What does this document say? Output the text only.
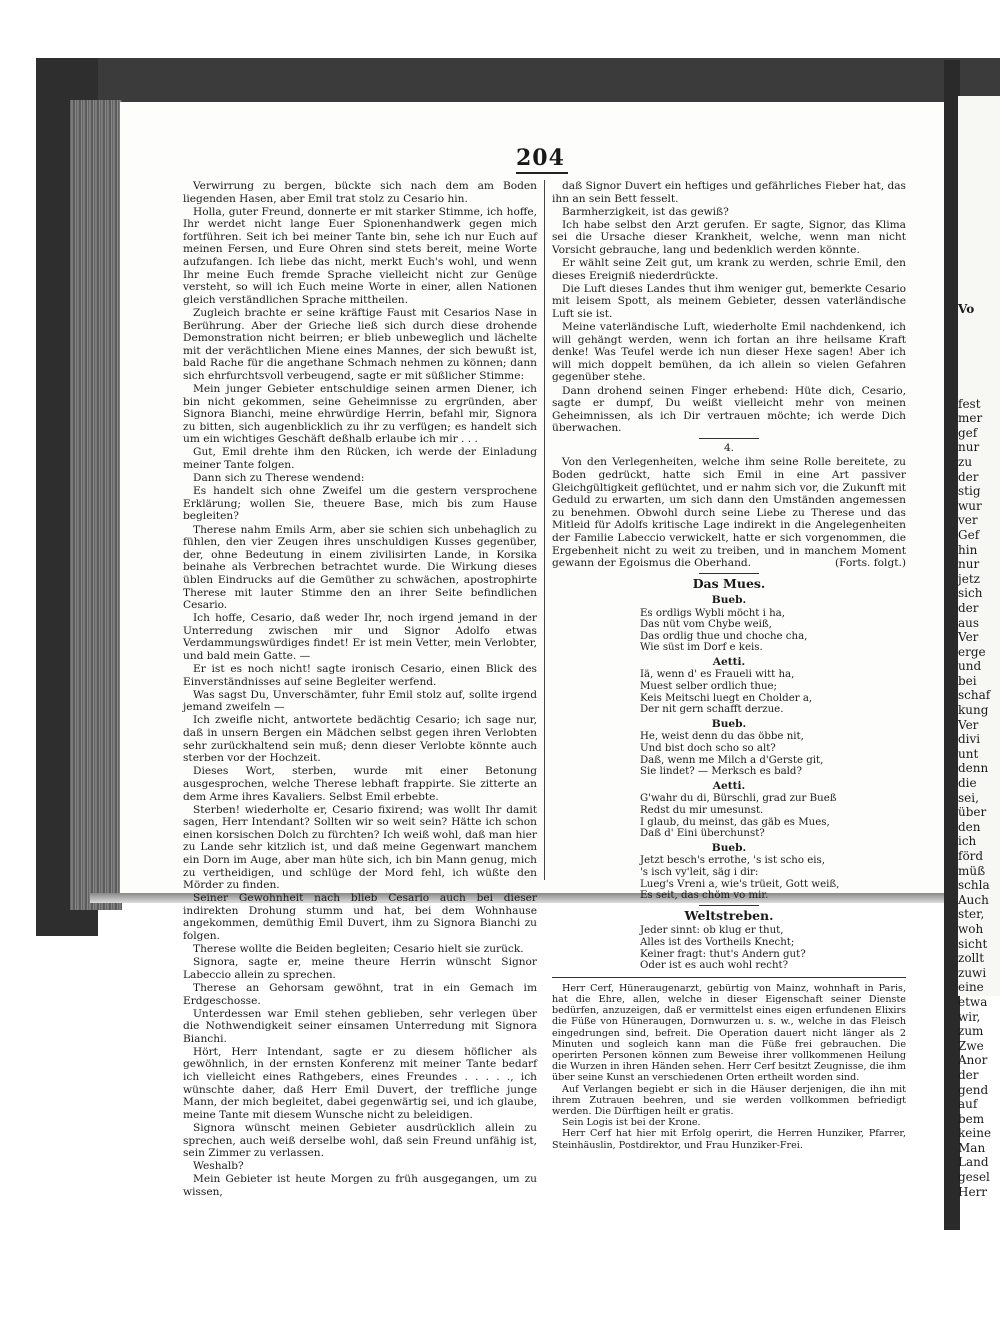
Vo
fest
mer
gef
nur
zu
der
stig
wur
ver
Gef
hin
nur
jetz
sich
der
aus
Ver
erge
und
bei
schaf
kung
Ver
divi
unt
denn
die
sei,
über
den
ich
förd
müß
schla
Auch
ster,
woh
sicht
zollt
zuwi
eine
etwa
wir,
zum
Zwe
Anor
der
gend
auf
bem
keine
Man
Land
gesel
Herr
204

Verwirrung zu bergen, bückte sich nach dem am Boden liegenden Hasen, aber Emil trat stolz zu Cesario hin.

Holla, guter Freund, donnerte er mit starker Stimme, ich hoffe, Ihr werdet nicht lange Euer Spionenhandwerk gegen mich fortführen. Seit ich bei meiner Tante bin, sehe ich nur Euch auf meinen Fersen, und Eure Ohren sind stets bereit, meine Worte aufzufangen. Ich liebe das nicht, merkt Euch's wohl, und wenn Ihr meine Euch fremde Sprache vielleicht nicht zur Genüge versteht, so will ich Euch meine Worte in einer, allen Nationen gleich verständlichen Sprache mittheilen.

Zugleich brachte er seine kräftige Faust mit Cesarios Nase in Berührung. Aber der Grieche ließ sich durch diese drohende Demonstration nicht beirren; er blieb unbeweglich und lächelte mit der verächtlichen Miene eines Mannes, der sich bewußt ist, bald Rache für die angethane Schmach nehmen zu können; dann sich ehrfurchtsvoll verbeugend, sagte er mit süßlicher Stimme:

Mein junger Gebieter entschuldige seinen armen Diener, ich bin nicht gekommen, seine Geheimnisse zu ergründen, aber Signora Bianchi, meine ehrwürdige Herrin, befahl mir, Signora zu bitten, sich augenblicklich zu ihr zu verfügen; es handelt sich um ein wichtiges Geschäft deßhalb erlaube ich mir . . .

Gut, Emil drehte ihm den Rücken, ich werde der Einladung meiner Tante folgen.

Dann sich zu Therese wendend:

Es handelt sich ohne Zweifel um die gestern versprochene Erklärung; wollen Sie, theuere Base, mich bis zum Hause begleiten?

Therese nahm Emils Arm, aber sie schien sich unbehaglich zu fühlen, den vier Zeugen ihres unschuldigen Kusses gegenüber, der, ohne Bedeutung in einem zivilisirten Lande, in Korsika beinahe als Verbrechen betrachtet wurde. Die Wirkung dieses üblen Eindrucks auf die Gemüther zu schwächen, apostrophirte Therese mit lauter Stimme den an ihrer Seite befindlichen Cesario.

Ich hoffe, Cesario, daß weder Ihr, noch irgend jemand in der Unterredung zwischen mir und Signor Adolfo etwas Verdammungswürdiges findet! Er ist mein Vetter, mein Verlobter, und bald mein Gatte. —

Er ist es noch nicht! sagte ironisch Cesario, einen Blick des Einverständnisses auf seine Begleiter werfend.

Was sagst Du, Unverschämter, fuhr Emil stolz auf, sollte irgend jemand zweifeln —

Ich zweifle nicht, antwortete bedächtig Cesario; ich sage nur, daß in unsern Bergen ein Mädchen selbst gegen ihren Verlobten sehr zurückhaltend sein muß; denn dieser Verlobte könnte auch sterben vor der Hochzeit.

Dieses Wort, sterben, wurde mit einer Betonung ausgesprochen, welche Therese lebhaft frappirte. Sie zitterte an dem Arme ihres Kavaliers. Selbst Emil erbebte.

Sterben! wiederholte er, Cesario fixirend; was wollt Ihr damit sagen, Herr Intendant? Sollten wir so weit sein? Hätte ich schon einen korsischen Dolch zu fürchten? Ich weiß wohl, daß man hier zu Lande sehr kitzlich ist, und daß meine Gegenwart manchem ein Dorn im Auge, aber man hüte sich, ich bin Mann genug, mich zu vertheidigen, und schlüge der Mord fehl, ich wüßte den Mörder zu finden.

Seiner Gewohnheit nach blieb Cesario auch bei dieser indirekten Drohung stumm und hat, bei dem Wohnhause angekommen, demüthig Emil Duvert, ihm zu Signora Bianchi zu folgen.

Therese wollte die Beiden begleiten; Cesario hielt sie zurück.

Signora, sagte er, meine theure Herrin wünscht Signor Labeccio allein zu sprechen.

Therese an Gehorsam gewöhnt, trat in ein Gemach im Erdgeschosse.

Unterdessen war Emil stehen geblieben, sehr verlegen über die Nothwendigkeit seiner einsamen Unterredung mit Signora Bianchi.

Hört, Herr Intendant, sagte er zu diesem höflicher als gewöhnlich, in der ernsten Konferenz mit meiner Tante bedarf ich vielleicht eines Rathgebers, eines Freundes . . . . ., ich wünschte daher, daß Herr Emil Duvert, der treffliche junge Mann, der mich begleitet, dabei gegenwärtig sei, und ich glaube, meine Tante mit diesem Wunsche nicht zu beleidigen.

Signora wünscht meinen Gebieter ausdrücklich allein zu sprechen, auch weiß derselbe wohl, daß sein Freund unfähig ist, sein Zimmer zu verlassen.

Weshalb?

Mein Gebieter ist heute Morgen zu früh ausgegangen, um zu wissen,

daß Signor Duvert ein heftiges und gefährliches Fieber hat, das ihn an sein Bett fesselt.

Barmherzigkeit, ist das gewiß?

Ich habe selbst den Arzt gerufen. Er sagte, Signor, das Klima sei die Ursache dieser Krankheit, welche, wenn man nicht Vorsicht gebrauche, lang und bedenklich werden könnte.

Er wählt seine Zeit gut, um krank zu werden, schrie Emil, den dieses Ereigniß niederdrückte.

Die Luft dieses Landes thut ihm weniger gut, bemerkte Cesario mit leisem Spott, als meinem Gebieter, dessen vaterländische Luft sie ist.

Meine vaterländische Luft, wiederholte Emil nachdenkend, ich will gehängt werden, wenn ich fortan an ihre heilsame Kraft denke! Was Teufel werde ich nun dieser Hexe sagen! Aber ich will mich doppelt bemühen, da ich allein so vielen Gefahren gegenüber stehe.

Dann drohend seinen Finger erhebend: Hüte dich, Cesario, sagte er dumpf, Du weißt vielleicht mehr von meinen Geheimnissen, als ich Dir vertrauen möchte; ich werde Dich überwachen.

4.

Von den Verlegenheiten, welche ihm seine Rolle bereitete, zu Boden gedrückt, hatte sich Emil in eine Art passiver Gleichgültigkeit geflüchtet, und er nahm sich vor, die Zukunft mit Geduld zu erwarten, um sich dann den Umständen angemessen zu benehmen. Obwohl durch seine Liebe zu Therese und das Mitleid für Adolfs kritische Lage indirekt in die Angelegenheiten der Familie Labeccio verwickelt, hatte er sich vorgenommen, die Ergebenheit nicht zu weit zu treiben, und in manchem Moment gewann der Egoismus die Oberhand.	(Forts. folgt.)

Das Mues.
Bueb.
Es ordligs Wybli möcht i ha,
Das nüt vom Chybe weiß,
Das ordlig thue und choche cha,
Wie süst im Dorf e keis.
Aetti.
Iä, wenn d' es Fraueli witt ha,
Muest selber ordlich thue;
Keis Meitschi luegt en Cholder a,
Der nit gern schafft derzue.
Bueb.
He, weist denn du das öbbe nit,
Und bist doch scho so alt?
Daß, wenn me Milch a d'Gerste git,
Sie lindet? — Merksch es bald?
Aetti.
G'wahr du di, Bürschli, grad zur Bueß
Redst du mir umesunst.
I glaub, du meinst, das gäb es Mues,
Daß d' Eini überchunst?
Bueb.
Jetzt besch's errothe, 's ist scho eis,
's isch vy'leit, säg i dir:
Lueg's Vreni a, wie's trüeit, Gott weiß,
Es seit, das chöm vo mir.
Weltstreben.
Jeder sinnt: ob klug er thut,
Alles ist des Vortheils Knecht;
Keiner fragt: thut's Andern gut?
Oder ist es auch wohl recht?

Herr Cerf, Hüneraugenarzt, gebürtig von Mainz, wohnhaft in Paris, hat die Ehre, allen, welche in dieser Eigenschaft seiner Dienste bedürfen, anzuzeigen, daß er vermittelst eines eigen erfundenen Elixirs die Füße von Hüneraugen, Dornwurzen u. s. w., welche in das Fleisch eingedrungen sind, befreit. Die Operation dauert nicht länger als 2 Minuten und sogleich kann man die Füße frei gebrauchen. Die operirten Personen können zum Beweise ihrer vollkommenen Heilung die Wurzen in ihren Händen sehen. Herr Cerf besitzt Zeugnisse, die ihm über seine Kunst an verschiedenen Orten ertheilt worden sind.

Auf Verlangen begiebt er sich in die Häuser derjenigen, die ihn mit ihrem Zutrauen beehren, und sie werden vollkommen befriedigt werden. Die Dürftigen heilt er gratis.

Sein Logis ist bei der Krone.

Herr Cerf hat hier mit Erfolg operirt, die Herren Hunziker, Pfarrer, Steinhäuslin, Postdirektor, und Frau Hunziker-Frei.
